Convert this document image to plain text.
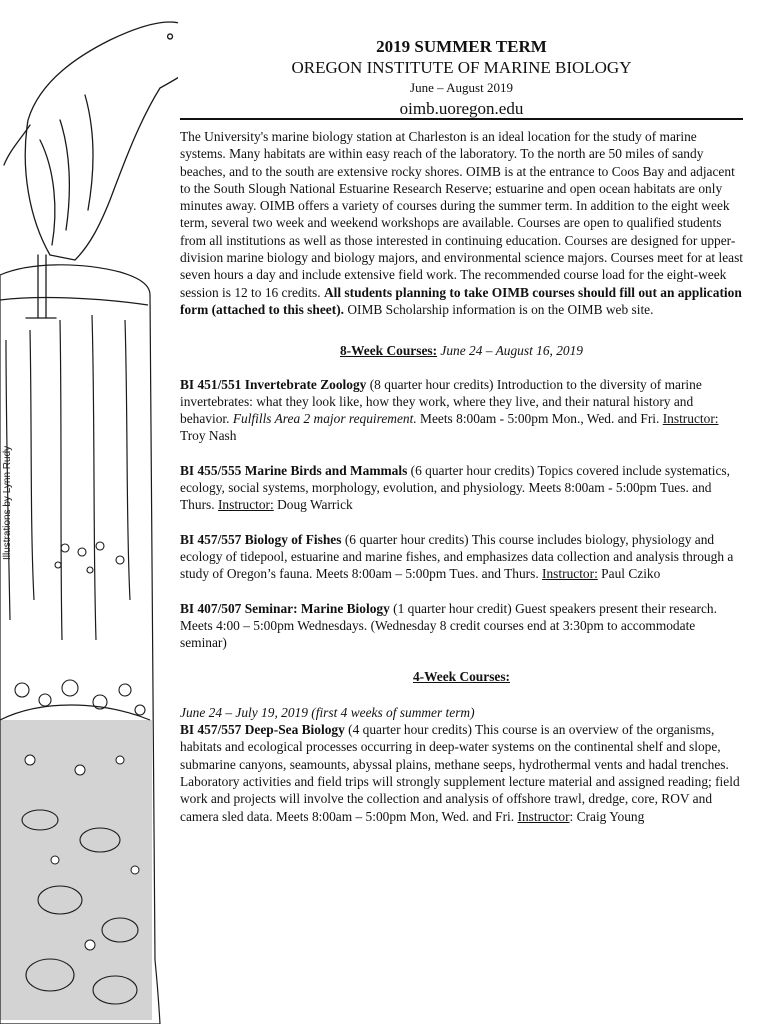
Illustrations by Lynn Rudy
2019 SUMMER TERM
OREGON INSTITUTE OF MARINE BIOLOGY
June – August 2019
oimb.uoregon.edu

The University's marine biology station at Charleston is an ideal location for the study of marine systems. Many habitats are within easy reach of the laboratory. To the north are 50 miles of sandy beaches, and to the south are extensive rocky shores. OIMB is at the entrance to Coos Bay and adjacent to the South Slough National Estuarine Research Reserve; estuarine and open ocean habitats are only minutes away. OIMB offers a variety of courses during the summer term. In addition to the eight week term, several two week and weekend workshops are available. Courses are open to qualified students from all institutions as well as those interested in continuing education. Courses are designed for upper-division marine biology and biology majors, and environmental science majors. Courses meet for at least seven hours a day and include extensive field work. The recommended course load for the eight-week session is 12 to 16 credits. All students planning to take OIMB courses should fill out an application form (attached to this sheet). OIMB Scholarship information is on the OIMB web site.

8-Week Courses: June 24 – August 16, 2019

BI 451/551 Invertebrate Zoology (8 quarter hour credits) Introduction to the diversity of marine invertebrates: what they look like, how they work, where they live, and their natural history and behavior. Fulfills Area 2 major requirement. Meets 8:00am - 5:00pm Mon., Wed. and Fri. Instructor: Troy Nash

BI 455/555 Marine Birds and Mammals (6 quarter hour credits) Topics covered include systematics, ecology, social systems, morphology, evolution, and physiology. Meets 8:00am - 5:00pm Tues. and Thurs. Instructor: Doug Warrick

BI 457/557 Biology of Fishes (6 quarter hour credits) This course includes biology, physiology and ecology of tidepool, estuarine and marine fishes, and emphasizes data collection and analysis through a study of Oregon’s fauna. Meets 8:00am – 5:00pm Tues. and Thurs. Instructor: Paul Cziko

BI 407/507 Seminar: Marine Biology (1 quarter hour credit) Guest speakers present their research.
Meets 4:00 – 5:00pm Wednesdays. (Wednesday 8 credit courses end at 3:30pm to accommodate seminar)

4-Week Courses:

June 24 – July 19, 2019 (first 4 weeks of summer term)
BI 457/557 Deep-Sea Biology (4 quarter hour credits) This course is an overview of the organisms, habitats and ecological processes occurring in deep-water systems on the continental shelf and slope, submarine canyons, seamounts, abyssal plains, methane seeps, hydrothermal vents and hadal trenches. Laboratory activities and field trips will strongly supplement lecture material and assigned reading; field work and projects will involve the collection and analysis of offshore trawl, dredge, core, ROV and camera sled data. Meets 8:00am – 5:00pm Mon, Wed. and Fri. Instructor: Craig Young
